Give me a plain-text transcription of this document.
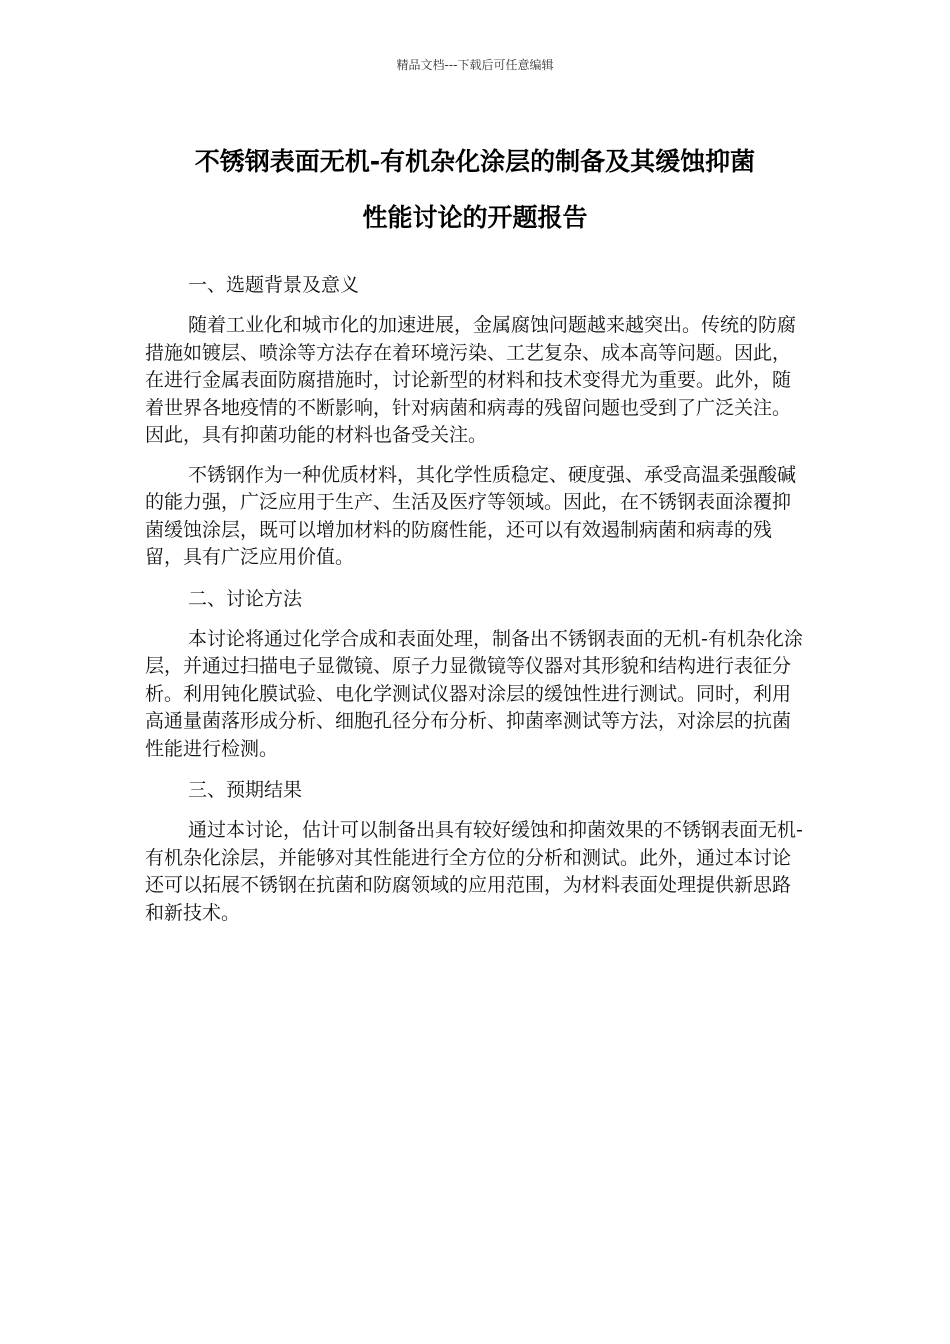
精品文档---下载后可任意编辑
不锈钢表面无机-有机杂化涂层的制备及其缓蚀抑菌
性能讨论的开题报告
一、选题背景及意义

随着工业化和城市化的加速进展，金属腐蚀问题越来越突出。传统的防腐措施如镀层、喷涂等方法存在着环境污染、工艺复杂、成本高等问题。因此，在进行金属表面防腐措施时，讨论新型的材料和技术变得尤为重要。此外，随着世界各地疫情的不断影响，针对病菌和病毒的残留问题也受到了广泛关注。因此，具有抑菌功能的材料也备受关注。

不锈钢作为一种优质材料，其化学性质稳定、硬度强、承受高温柔强酸碱的能力强，广泛应用于生产、生活及医疗等领域。因此，在不锈钢表面涂覆抑菌缓蚀涂层，既可以增加材料的防腐性能，还可以有效遏制病菌和病毒的残留，具有广泛应用价值。

二、讨论方法

本讨论将通过化学合成和表面处理，制备出不锈钢表面的无机-有机杂化涂层，并通过扫描电子显微镜、原子力显微镜等仪器对其形貌和结构进行表征分析。利用钝化膜试验、电化学测试仪器对涂层的缓蚀性进行测试。同时，利用高通量菌落形成分析、细胞孔径分布分析、抑菌率测试等方法，对涂层的抗菌性能进行检测。

三、预期结果

通过本讨论，估计可以制备出具有较好缓蚀和抑菌效果的不锈钢表面无机-有机杂化涂层，并能够对其性能进行全方位的分析和测试。此外，通过本讨论还可以拓展不锈钢在抗菌和防腐领域的应用范围，为材料表面处理提供新思路和新技术。
